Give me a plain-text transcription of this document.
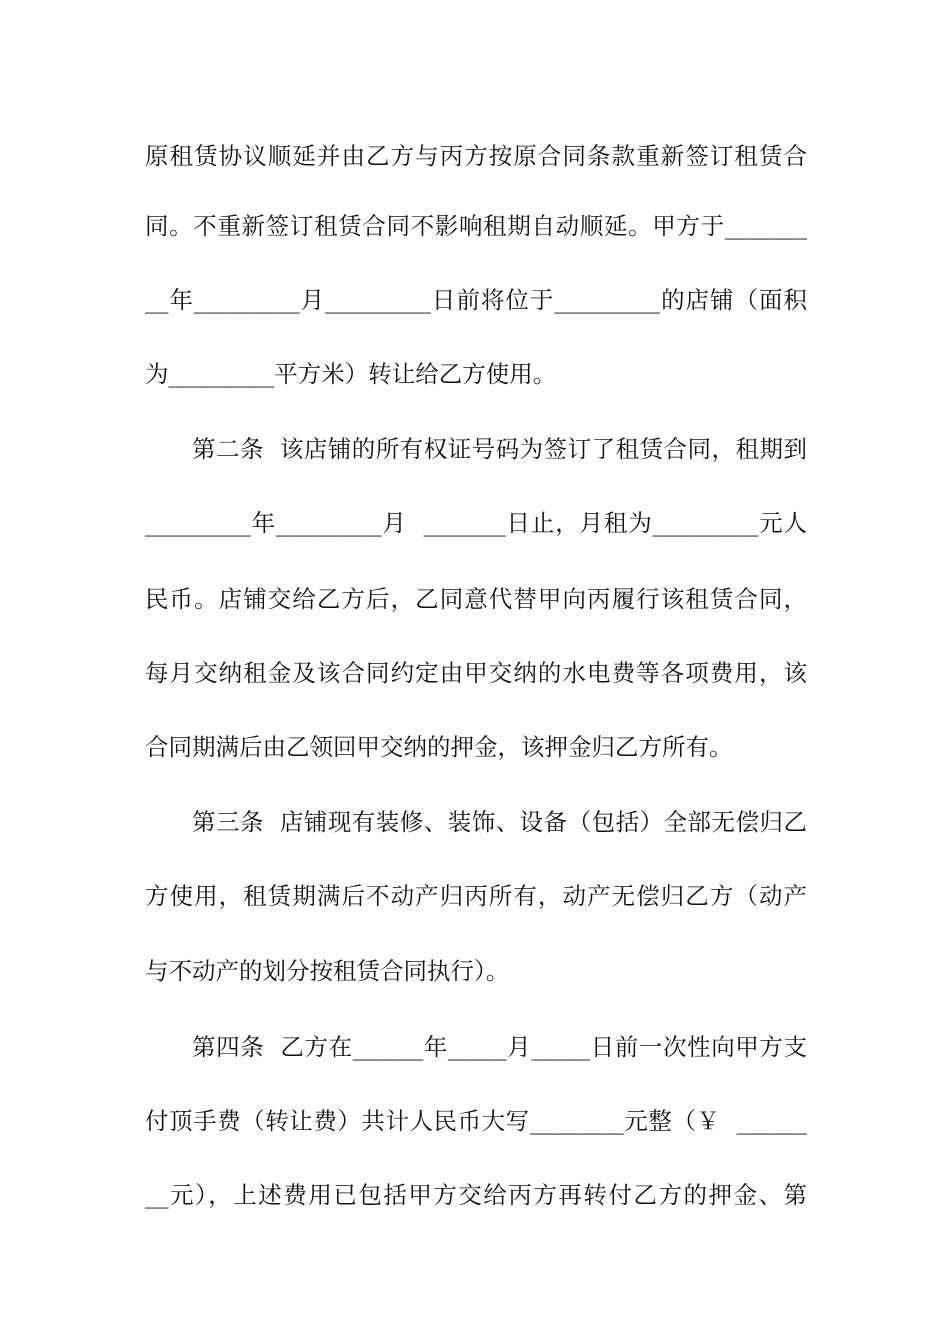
原租赁协议顺延并由乙方与丙方按原合同条款重新签订租赁合
同。不重新签订租赁合同不影响租期自动顺延。甲方于_______
__年_________月_________日前将位于_________的店铺（面积
为_________平方米）转让给乙方使用。
第二条  该店铺的所有权证号码为签订了租赁合同，租期到
_________年_________月  _______日止，月租为_________元人
民币。店铺交给乙方后，乙同意代替甲向丙履行该租赁合同，
每月交纳租金及该合同约定由甲交纳的水电费等各项费用，该
合同期满后由乙领回甲交纳的押金，该押金归乙方所有。
第三条  店铺现有装修、装饰、设备（包括）全部无偿归乙
方使用，租赁期满后不动产归丙所有，动产无偿归乙方（动产
与不动产的划分按租赁合同执行）。
第四条  乙方在______年_____月_____日前一次性向甲方支
付顶手费（转让费）共计人民币大写________元整（￥  ______
__元），上述费用已包括甲方交给丙方再转付乙方的押金、第
